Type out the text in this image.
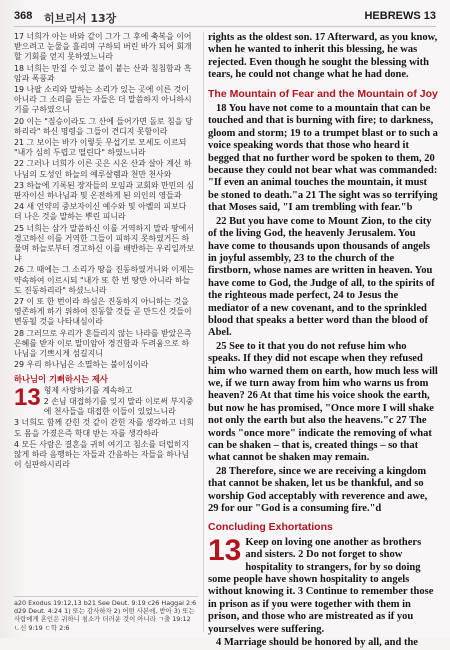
368 히브리서 13장	HEBREWS 13

17 너희가 아는 바와 같이 그가 그 후에 축복을 이어받으려고 눈물을 흘리며 구하되 버린 바가 되어 회개할 기회를 얻지 못하였느니라

18 너희는 만질 수 있고 불이 붙는 산과 침침함과 흑암과 폭풍과

19 나팔 소리와 말하는 소리가 있는 곳에 이른 것이 아니라 그 소리를 듣는 자들은 더 말씀하지 아니하시기를 구하였으니

20 이는 "짐승이라도 그 산에 들어가면 돌로 침을 당하리라" 하신 명령을 그들이 견디지 못함이라

21 그 보이는 바가 이렇듯 무섭기로 모세도 이르되 "내가 심히 두렵고 떨린다" 하였느니라

22 그러나 너희가 이른 곳은 시온 산과 살아 계신 하나님의 도성인 하늘의 예루살렘과 천만 천사와

23 하늘에 기록된 장자들의 모임과 교회와 만민의 심판자이신 하나님과 및 온전하게 된 의인의 영들과

24 새 언약의 중보자이신 예수와 및 아벨의 피보다 더 나은 것을 말하는 뿌린 피니라

25 너희는 삼가 말씀하신 이를 거역하지 말라 땅에서 경고하신 이를 거역한 그들이 피하지 못하였거든 하물며 하늘로부터 경고하신 이를 배반하는 우리일까보냐

26 그 때에는 그 소리가 땅을 진동하였거니와 이제는 약속하여 이르시되 "내가 또 한 번 땅만 아니라 하늘도 진동하리라" 하셨느니라

27 이 또 한 번이라 하심은 진동하지 아니하는 것을 영존하게 하기 위하여 진동할 것들 곧 만드신 것들이 변동될 것을 나타내심이라

28 그러므로 우리가 흔들리지 않는 나라를 받았은즉 은혜를 받자 이로 말미암아 경건함과 두려움으로 하나님을 기쁘시게 섬길지니

29 우리 하나님은 소멸하는 불이심이라

하나님이 기뻐하시는 제사
13 형제 사랑하기를 계속하고

2 손님 대접하기를 잊지 말라 이로써 부지중에 천사들을 대접한 이들이 있었느니라

3 너희도 함께 갇힌 것 같이 갇힌 자를 생각하고 너희도 몸을 가졌은즉 학대 받는 자를 생각하라

4 모든 사람은 결혼을 귀히 여기고 침소를 더럽히지 않게 하라 음행하는 자들과 간음하는 자들을 하나님이 심판하시리라

a20 Exodus 19:12,13 b21 See Deut. 9:19 c26 Haggai 2:6 d29 Deut. 4:24 1) 또는 감사하자 2) 어떤 사본에, 받아 3) 또는 사람에게 혼인은 귀하니 침소가 더러운 것이 아니라 ㄱ출 19:12 ㄴ신 9:19 ㄷ학 2:6

rights as the oldest son. 17 Afterward, as you know, when he wanted to inherit this blessing, he was rejected. Even though he sought the blessing with tears, he could not change what he had done.

The Mountain of Fear and the Mountain of Joy

18 You have not come to a mountain that can be touched and that is burning with fire; to darkness, gloom and storm; 19 to a trumpet blast or to such a voice speaking words that those who heard it begged that no further word be spoken to them, 20 because they could not bear what was commanded: "If even an animal touches the mountain, it must be stoned to death."a 21 The sight was so terrifying that Moses said, "I am trembling with fear."b

22 But you have come to Mount Zion, to the city of the living God, the heavenly Jerusalem. You have come to thousands upon thousands of angels in joyful assembly, 23 to the church of the firstborn, whose names are written in heaven. You have come to God, the Judge of all, to the spirits of the righteous made perfect, 24 to Jesus the mediator of a new covenant, and to the sprinkled blood that speaks a better word than the blood of Abel.

25 See to it that you do not refuse him who speaks. If they did not escape when they refused him who warned them on earth, how much less will we, if we turn away from him who warns us from heaven? 26 At that time his voice shook the earth, but now he has promised, "Once more I will shake not only the earth but also the heavens."c 27 The words "once more" indicate the removing of what can be shaken – that is, created things – so that what cannot be shaken may remain.

28 Therefore, since we are receiving a kingdom that cannot be shaken, let us be thankful, and so worship God acceptably with reverence and awe, 29 for our "God is a consuming fire."d

Concluding Exhortations
13 Keep on loving one another as brothers and sisters. 2 Do not forget to show hospitality to strangers, for by so doing some people have shown hospitality to angels without knowing it. 3 Continue to remember those in prison as if you were together with them in prison, and those who are mistreated as if you yourselves were suffering.

4 Marriage should be honored by all, and the
